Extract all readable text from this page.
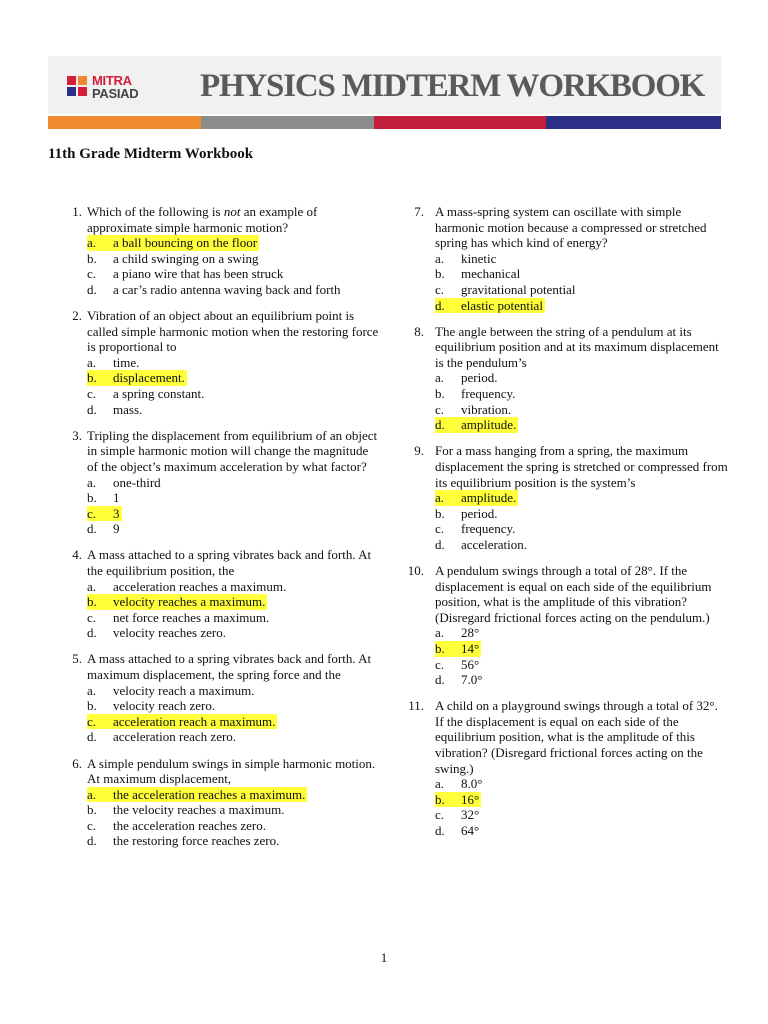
MITRA
PASIAD PHYSICS MIDTERM WORKBOOK
11th Grade Midterm Workbook
1. Which of the following is not an example of approximate simple harmonic motion?
a.	a ball bouncing on the floor
b.	a child swinging on a swing
c.	a piano wire that has been struck
d.	a car’s radio antenna waving back and forth
2. Vibration of an object about an equilibrium point is called simple harmonic motion when the restoring force is proportional to
a.	time.
b.	displacement.
c.	a spring constant.
d.	mass.
3. Tripling the displacement from equilibrium of an object in simple harmonic motion will change the magnitude of the object’s maximum acceleration by what factor?
a.	one-third
b.	1
c.	3
d.	9
4. A mass attached to a spring vibrates back and forth. At the equilibrium position, the
a.	acceleration reaches a maximum.
b.	velocity reaches a maximum.
c.	net force reaches a maximum.
d.	velocity reaches zero.
5. A mass attached to a spring vibrates back and forth. At maximum displacement, the spring force and the
a.	velocity reach a maximum.
b.	velocity reach zero.
c.	acceleration reach a maximum.
d.	acceleration reach zero.
6. A simple pendulum swings in simple harmonic motion. At maximum displacement,
a.	the acceleration reaches a maximum.
b.	the velocity reaches a maximum.
c.	the acceleration reaches zero.
d.	the restoring force reaches zero.
7. A mass-spring system can oscillate with simple harmonic motion because a compressed or stretched spring has which kind of energy?
a.	kinetic
b.	mechanical
c.	gravitational potential
d.	elastic potential
8. The angle between the string of a pendulum at its equilibrium position and at its maximum displacement is the pendulum’s
a.	period.
b.	frequency.
c.	vibration.
d.	amplitude.
9. For a mass hanging from a spring, the maximum displacement the spring is stretched or compressed from its equilibrium position is the system’s
a.	amplitude.
b.	period.
c.	frequency.
d.	acceleration.
10. A pendulum swings through a total of 28°. If the displacement is equal on each side of the equilibrium position, what is the amplitude of this vibration? (Disregard frictional forces acting on the pendulum.)
a.	28°
b.	14°
c.	56°
d.	7.0°
11. A child on a playground swings through a total of 32°. If the displacement is equal on each side of the equilibrium position, what is the amplitude of this vibration? (Disregard frictional forces acting on the swing.)
a.	8.0°
b.	16°
c.	32°
d.	64°
1
